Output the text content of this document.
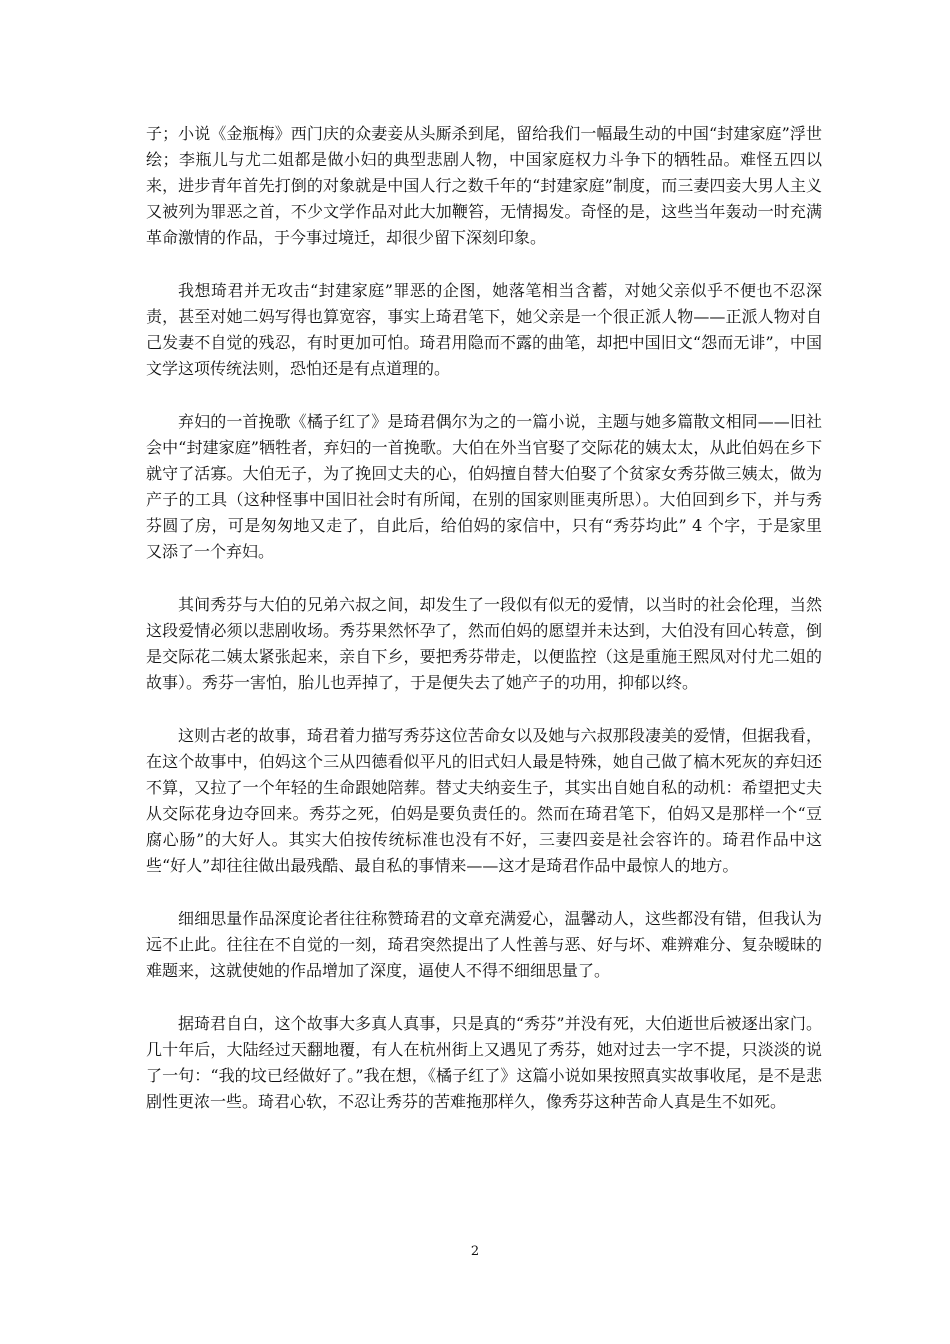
子；小说《金瓶梅》西门庆的众妻妾从头厮杀到尾，留给我们一幅最生动的中国“封建家庭”浮世绘；李瓶儿与尤二姐都是做小妇的典型悲剧人物，中国家庭权力斗争下的牺牲品。难怪五四以来，进步青年首先打倒的对象就是中国人行之数千年的“封建家庭”制度，而三妻四妾大男人主义又被列为罪恶之首，不少文学作品对此大加鞭笞，无情揭发。奇怪的是，这些当年轰动一时充满革命激情的作品，于今事过境迁，却很少留下深刻印象。

我想琦君并无攻击“封建家庭”罪恶的企图，她落笔相当含蓄，对她父亲似乎不便也不忍深责，甚至对她二妈写得也算宽容，事实上琦君笔下，她父亲是一个很正派人物——正派人物对自己发妻不自觉的残忍，有时更加可怕。琦君用隐而不露的曲笔，却把中国旧文“怨而无诽”，中国文学这项传统法则，恐怕还是有点道理的。

弃妇的一首挽歌《橘子红了》是琦君偶尔为之的一篇小说，主题与她多篇散文相同——旧社会中“封建家庭”牺牲者，弃妇的一首挽歌。大伯在外当官娶了交际花的姨太太，从此伯妈在乡下就守了活寡。大伯无子，为了挽回丈夫的心，伯妈擅自替大伯娶了个贫家女秀芬做三姨太，做为产子的工具（这种怪事中国旧社会时有所闻，在别的国家则匪夷所思）。大伯回到乡下，并与秀芬圆了房，可是匆匆地又走了，自此后，给伯妈的家信中，只有“秀芬均此” 4 个字，于是家里又添了一个弃妇。

其间秀芬与大伯的兄弟六叔之间，却发生了一段似有似无的爱情，以当时的社会伦理，当然这段爱情必须以悲剧收场。秀芬果然怀孕了，然而伯妈的愿望并未达到，大伯没有回心转意，倒是交际花二姨太紧张起来，亲自下乡，要把秀芬带走，以便监控（这是重施王熙凤对付尤二姐的故事）。秀芬一害怕，胎儿也弄掉了，于是便失去了她产子的功用，抑郁以终。

这则古老的故事，琦君着力描写秀芬这位苦命女以及她与六叔那段凄美的爱情，但据我看，在这个故事中，伯妈这个三从四德看似平凡的旧式妇人最是特殊，她自己做了槁木死灰的弃妇还不算，又拉了一个年轻的生命跟她陪葬。替丈夫纳妾生子，其实出自她自私的动机：希望把丈夫从交际花身边夺回来。秀芬之死，伯妈是要负责任的。然而在琦君笔下，伯妈又是那样一个“豆腐心肠”的大好人。其实大伯按传统标准也没有不好，三妻四妾是社会容许的。琦君作品中这些“好人”却往往做出最残酷、最自私的事情来——这才是琦君作品中最惊人的地方。

细细思量作品深度论者往往称赞琦君的文章充满爱心，温馨动人，这些都没有错，但我认为远不止此。往往在不自觉的一刻，琦君突然提出了人性善与恶、好与坏、难辨难分、复杂暧昧的难题来，这就使她的作品增加了深度，逼使人不得不细细思量了。

据琦君自白，这个故事大多真人真事，只是真的“秀芬”并没有死，大伯逝世后被逐出家门。几十年后，大陆经过天翻地覆，有人在杭州街上又遇见了秀芬，她对过去一字不提，只淡淡的说了一句：“我的坟已经做好了。”我在想，《橘子红了》这篇小说如果按照真实故事收尾，是不是悲剧性更浓一些。琦君心软，不忍让秀芬的苦难拖那样久，像秀芬这种苦命人真是生不如死。

2
